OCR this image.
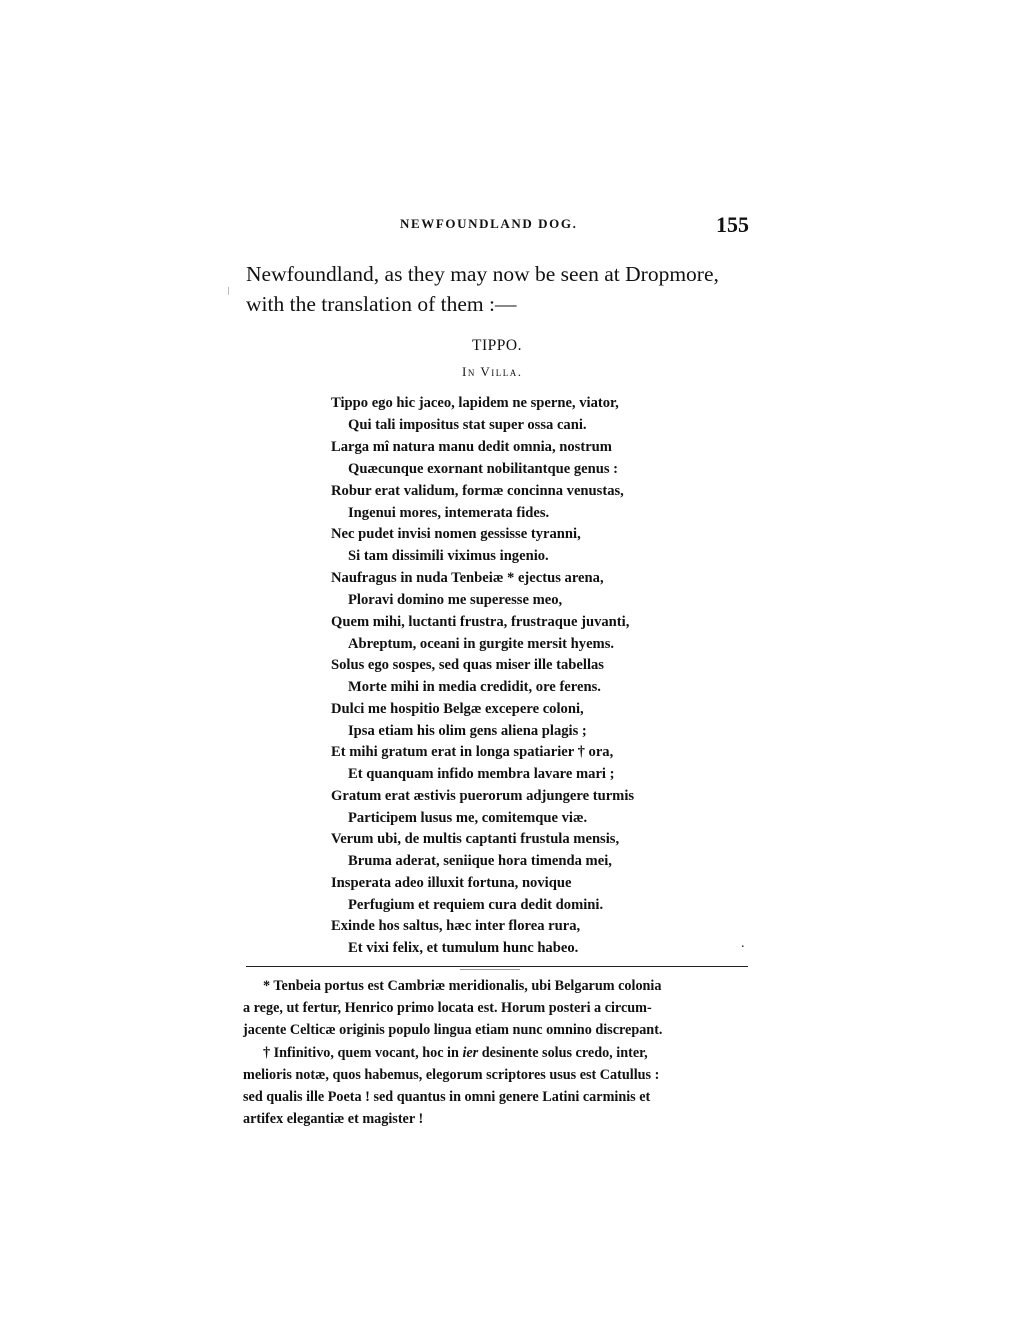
NEWFOUNDLAND DOG.	155
Newfoundland, as they may now be seen at Dropmore,
with the translation of them :—
TIPPO.
In Villa.
Tippo ego hic jaceo, lapidem ne sperne, viator,
Qui tali impositus stat super ossa cani.
Larga mî natura manu dedit omnia, nostrum
Quæcunque exornant nobilitantque genus :
Robur erat validum, formæ concinna venustas,
Ingenui mores, intemerata fides.
Nec pudet invisi nomen gessisse tyranni,
Si tam dissimili viximus ingenio.
Naufragus in nuda Tenbeiæ * ejectus arena,
Ploravi domino me superesse meo,
Quem mihi, luctanti frustra, frustraque juvanti,
Abreptum, oceani in gurgite mersit hyems.
Solus ego sospes, sed quas miser ille tabellas
Morte mihi in media credidit, ore ferens.
Dulci me hospitio Belgæ excepere coloni,
Ipsa etiam his olim gens aliena plagis ;
Et mihi gratum erat in longa spatiarier † ora,
Et quanquam infido membra lavare mari ;
Gratum erat æstivis puerorum adjungere turmis
Participem lusus me, comitemque viæ.
Verum ubi, de multis captanti frustula mensis,
Bruma aderat, seniique hora timenda mei,
Insperata adeo illuxit fortuna, novique
Perfugium et requiem cura dedit domini.
Exinde hos saltus, hæc inter florea rura,
Et vixi felix, et tumulum hunc habeo.	.
* Tenbeia portus est Cambriæ meridionalis, ubi Belgarum colonia
a rege, ut fertur, Henrico primo locata est. Horum posteri a circum-
jacente Celticæ originis populo lingua etiam nunc omnino discrepant.
† Infinitivo, quem vocant, hoc in ier desinente solus credo, inter,
melioris notæ, quos habemus, elegorum scriptores usus est Catullus :
sed qualis ille Poeta ! sed quantus in omni genere Latini carminis et
artifex elegantiæ et magister !
